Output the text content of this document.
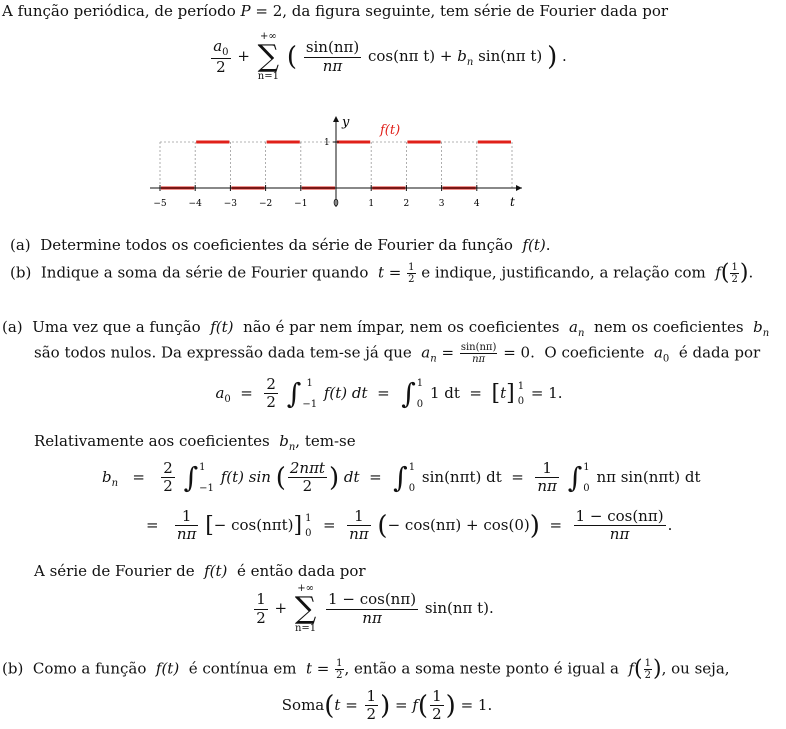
A função periódica, de período P = 2, da figura seguinte, tem série de Fourier dada por
$\frac{a_0}{2}$ +
+∞
∑
n=1
( $\frac{\sin(n\pi)}{n\pi} \cos(n\pi$ $t) + b_n$ sin(nπ t) ) .
−5 −4 −3 −2 −1	0	1	2	3	4
y
f(t)
1
t
(a) Determine todos os coeficientes da série de Fourier da função f(t).
(b) Indique a soma da série de Fourier quando $t = \frac{1}{2}$ e indique, justificando, a relação com $f( \frac{1}{2}$ ).
(a) Uma vez que a função f(t) não é par nem ímpar, nem os coeficientes $a_n$ nem os coeficientes $b_n$
são todos nulos. Da expressão dada tem-se já que $a_n = \frac{\sin(n\pi)}{n\pi} = 0$. O coeficiente $a_0$ é dada por
$a_0 = \frac{2}{2}$
∫ 1
−1
f(t) dt  = ∫ 1
0
1 dt  =  [t] 1
0 = 1.
Relativamente aos coeficientes $b_n$, tem-se
$b_n = \frac{2}{2}$
∫ 1
−1
f(t) sin ( $\frac{\text{2nπt}}{2}$ ) dt  = ∫ 1
0
sin(nπt) dt  = $\frac{1}{n\pi}$
∫ 1
0
nπ sin(nπt) dt
= $\frac{1}{n\pi}$ [− cos(nπt)] 1
$0 = \frac{1}{n\pi}$ (− $\cos(n\pi) + \cos(0)) = \frac{1 - \cos(n\pi)}{n\pi}$ .
A série de Fourier de f(t) é então dada por
$\frac{1}{2}$ +
+∞
∑
n=1

$\frac{1 - \cos(n\pi)}{n\pi} \sin(n\pi$ t).
(b) Como a função f(t) é contínua em $t = \frac{1}{2}$ , então a soma neste ponto é igual a $f( \frac{1}{2}$ ), ou seja,
Soma(t = $\frac{1}{2}$ ) = $f( \frac{1}{2}$ ) = 1.
